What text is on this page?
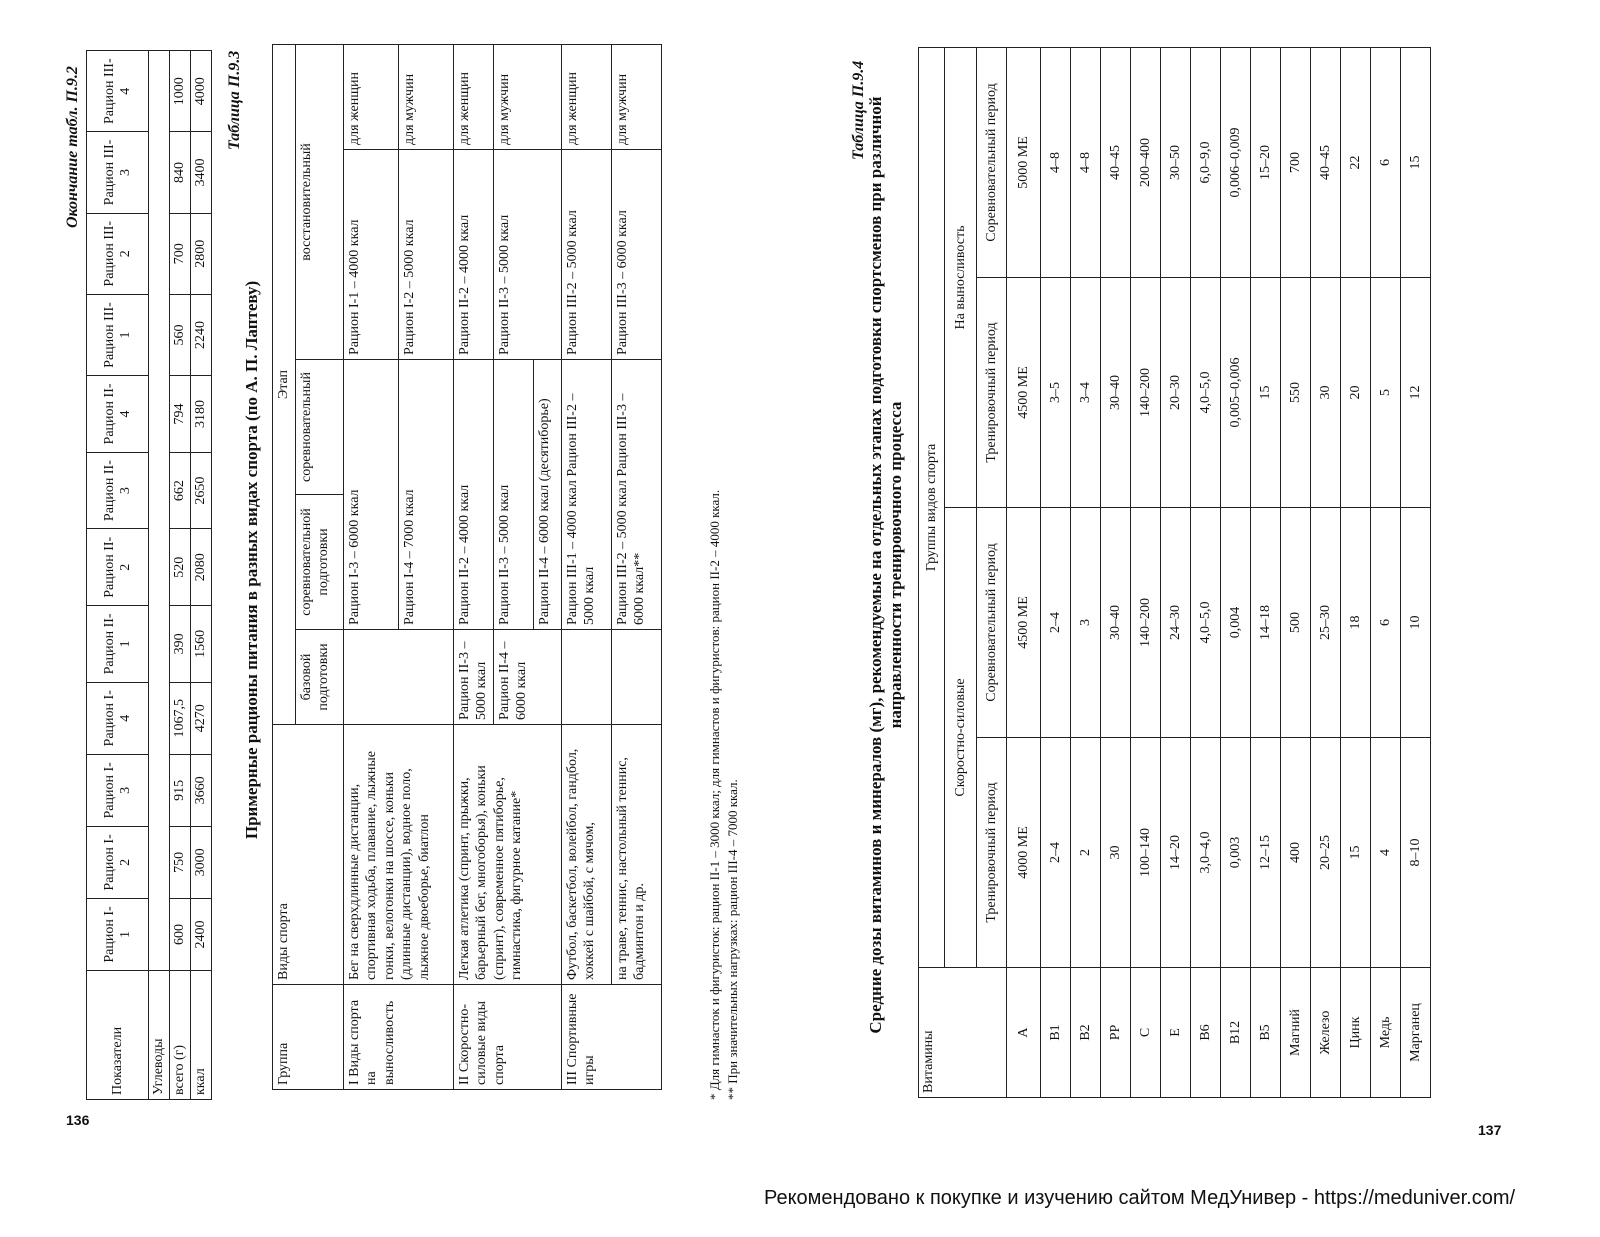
Окончание табл. П.9.2
Показатели	Рацион I-1	Рацион I-2	Рацион I-3	Рацион I-4	Рацион II-1	Рацион II-2	Рацион II-3	Рацион II-4	Рацион III-1	Рацион III-2	Рацион III-3	Рацион III-4
Углеводы												
всего (г)	600	750	915	1067,5	390	520	662	794	560	700	840	1000
ккал	2400	3000	3660	4270	1560	2080	2650	3180	2240	2800	3400	4000 Таблица П.9.3
Примерные рационы питания в разных видах спорта (по А. П. Лаптеву)
Группа	Виды спорта	Этап				
		базовой подготовки	соревновательной подготовки	соревновательный	восстановительный	
I Виды спорта на выносливость	Бег на сверхдлинные дистанции, спортивная ходьба, плавание, лыжные гонки, велогонки на шоссе, коньки (длинные дистанции), водное поло, лыжное двоеборье, биатлон		Рацион I-3 – 6000 ккал		Рацион I-1 – 4000 ккал	для женщин
			Рацион I-4 – 7000 ккал		Рацион I-2 – 5000 ккал	для мужчин
II Скоростно-силовые виды спорта	Легкая атлетика (спринт, прыжки, барьерный бег, многоборья), коньки (спринт), современное пятиборье, гимнастика, фигурное катание*	Рацион II-3 – 5000 ккал	Рацион II-2 – 4000 ккал		Рацион II-2 – 4000 ккал	для женщин
		Рацион II-4 – 6000 ккал	Рацион II-3 – 5000 ккал		Рацион II-3 – 5000 ккал	для мужчин
			Рацион II-4 – 6000 ккал (десятиборье)			
III Спортивные игры	Футбол, баскетбол, волейбол, гандбол, хоккей с шайбой, с мячом,		Рацион III-1 – 4000 ккал Рацион III-2 – 5000 ккал		Рацион III-2 – 5000 ккал	для женщин
	на траве, теннис, настольный теннис, бадминтон и др.		Рацион III-2 – 5000 ккал Рацион III-3 – 6000 ккал**		Рацион III-3 – 6000 ккал	для мужчин
* Для гимнасток и фигуристок: рацион II-1 – 3000 ккал; для гимнастов и фигуристов: рацион II-2 – 4000 ккал. ** При значительных нагрузках: рацион III-4 – 7000 ккал.
136
Таблица П.9.4 Средние дозы витаминов и минералов (мг), рекомендуемые на отдельных этапах подготовки спортсменов при различной направленности тренировочного процесса
Витамины	Группы видов спорта			
	Скоростно-силовые		На выносливость	
	Тренировочный период	Соревновательный период	Тренировочный период	Соревновательный период
А	4000 МЕ	4500 МЕ	4500 МЕ	5000 МЕ
B1	2–4	2–4	3–5	4–8
B2	2	3	3–4	4–8
PP	30	30–40	30–40	40–45
C	100–140	140–200	140–200	200–400
E	14–20	24–30	20–30	30–50
B6	3,0–4,0	4,0–5,0	4,0–5,0	6,0–9,0
B12	0,003	0,004	0,005–0,006	0,006–0,009
B5	12–15	14–18	15	15–20
Магний	400	500	550	700
Железо	20–25	25–30	30	40–45
Цинк	15	18	20	22
Медь	4	6	5	6
Марганец	8–10	10	12	15
137
Рекомендовано к покупке и изучению сайтом МедУнивер - https://meduniver.com/
